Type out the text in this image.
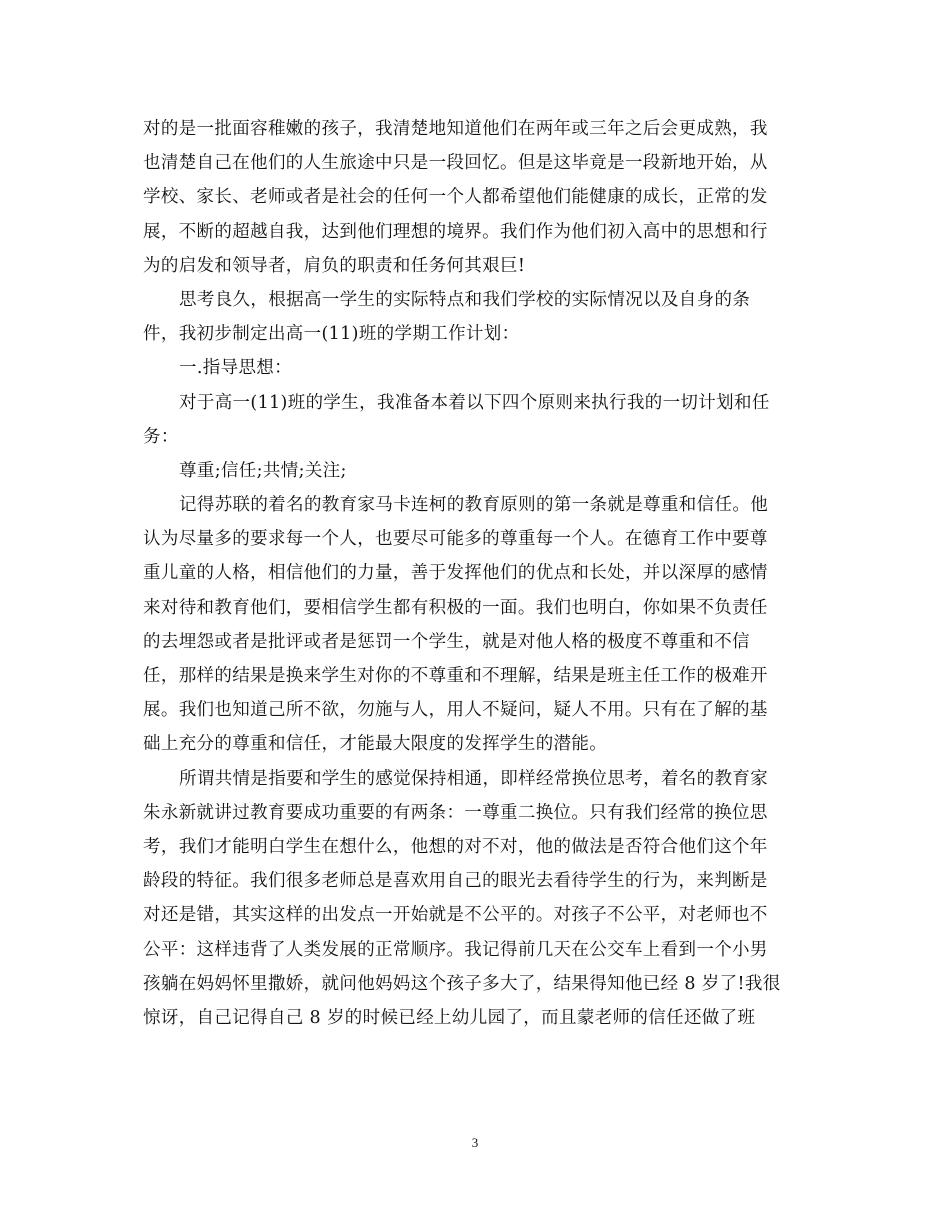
对的是一批面容稚嫩的孩子，我清楚地知道他们在两年或三年之后会更成熟，我
也清楚自己在他们的人生旅途中只是一段回忆。但是这毕竟是一段新地开始，从
学校、家长、老师或者是社会的任何一个人都希望他们能健康的成长，正常的发
展，不断的超越自我，达到他们理想的境界。我们作为他们初入高中的思想和行
为的启发和领导者，肩负的职责和任务何其艰巨!
思考良久，根据高一学生的实际特点和我们学校的实际情况以及自身的条
件，我初步制定出高一(11)班的学期工作计划：
一.指导思想：
对于高一(11)班的学生，我准备本着以下四个原则来执行我的一切计划和任
务：
尊重;信任;共情;关注;
记得苏联的着名的教育家马卡连柯的教育原则的第一条就是尊重和信任。他
认为尽量多的要求每一个人，也要尽可能多的尊重每一个人。在德育工作中要尊
重儿童的人格，相信他们的力量，善于发挥他们的优点和长处，并以深厚的感情
来对待和教育他们，要相信学生都有积极的一面。我们也明白，你如果不负责任
的去埋怨或者是批评或者是惩罚一个学生，就是对他人格的极度不尊重和不信
任，那样的结果是换来学生对你的不尊重和不理解，结果是班主任工作的极难开
展。我们也知道己所不欲，勿施与人，用人不疑问，疑人不用。只有在了解的基
础上充分的尊重和信任，才能最大限度的发挥学生的潜能。
所谓共情是指要和学生的感觉保持相通，即样经常换位思考，着名的教育家
朱永新就讲过教育要成功重要的有两条：一尊重二换位。只有我们经常的换位思
考，我们才能明白学生在想什么，他想的对不对，他的做法是否符合他们这个年
龄段的特征。我们很多老师总是喜欢用自己的眼光去看待学生的行为，来判断是
对还是错，其实这样的出发点一开始就是不公平的。对孩子不公平，对老师也不
公平：这样违背了人类发展的正常顺序。我记得前几天在公交车上看到一个小男
孩躺在妈妈怀里撒娇，就问他妈妈这个孩子多大了，结果得知他已经 8 岁了!我很
惊讶，自己记得自己 8 岁的时候已经上幼儿园了，而且蒙老师的信任还做了班
3
